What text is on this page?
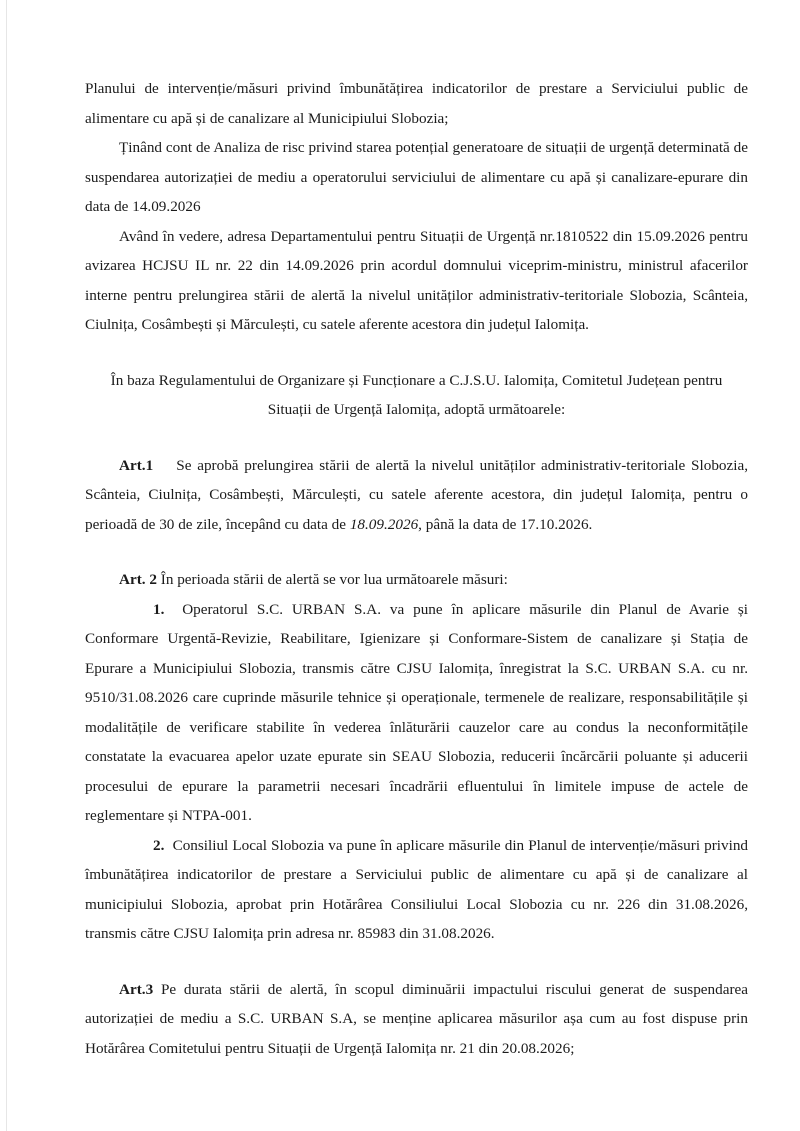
Planului de intervenție/măsuri privind îmbunătățirea indicatorilor de prestare a Serviciului public de alimentare cu apă și de canalizare al Municipiului Slobozia;

Ținând cont de Analiza de risc privind starea potențial generatoare de situații de urgență determinată de suspendarea autorizației de mediu a operatorului serviciului de alimentare cu apă și canalizare-epurare din data de 14.09.2026

Având în vedere, adresa Departamentului pentru Situații de Urgență nr.1810522 din 15.09.2026 pentru avizarea HCJSU IL nr. 22 din 14.09.2026 prin acordul domnului viceprim-ministru, ministrul afacerilor interne pentru prelungirea stării de alertă la nivelul unităților administrativ-teritoriale Slobozia, Scânteia, Ciulnița, Cosâmbești și Mărculești, cu satele aferente acestora din județul Ialomița.

În baza Regulamentului de Organizare și Funcționare a C.J.S.U. Ialomița, Comitetul Județean pentru Situații de Urgență Ialomița, adoptă următoarele:

Art.1 Se aprobă prelungirea stării de alertă la nivelul unităților administrativ-teritoriale Slobozia, Scânteia, Ciulnița, Cosâmbești, Mărculești, cu satele aferente acestora, din județul Ialomița, pentru o perioadă de 30 de zile, începând cu data de 18.09.2026, până la data de 17.10.2026.

Art. 2 În perioada stării de alertă se vor lua următoarele măsuri:

1. Operatorul S.C. URBAN S.A. va pune în aplicare măsurile din Planul de Avarie și Conformare Urgentă-Revizie, Reabilitare, Igienizare și Conformare-Sistem de canalizare și Stația de Epurare a Municipiului Slobozia, transmis către CJSU Ialomița, înregistrat la S.C. URBAN S.A. cu nr. 9510/31.08.2026 care cuprinde măsurile tehnice și operaționale, termenele de realizare, responsabilitățile și modalitățile de verificare stabilite în vederea înlăturării cauzelor care au condus la neconformitățile constatate la evacuarea apelor uzate epurate sin SEAU Slobozia, reducerii încărcării poluante și aducerii procesului de epurare la parametrii necesari încadrării efluentului în limitele impuse de actele de reglementare și NTPA-001.

2. Consiliul Local Slobozia va pune în aplicare măsurile din Planul de intervenție/măsuri privind îmbunătățirea indicatorilor de prestare a Serviciului public de alimentare cu apă și de canalizare al municipiului Slobozia, aprobat prin Hotărârea Consiliului Local Slobozia cu nr. 226 din 31.08.2026, transmis către CJSU Ialomița prin adresa nr. 85983 din 31.08.2026.

Art.3 Pe durata stării de alertă, în scopul diminuării impactului riscului generat de suspendarea autorizației de mediu a S.C. URBAN S.A, se menține aplicarea măsurilor așa cum au fost dispuse prin Hotărârea Comitetului pentru Situații de Urgență Ialomița nr. 21 din 20.08.2026;
